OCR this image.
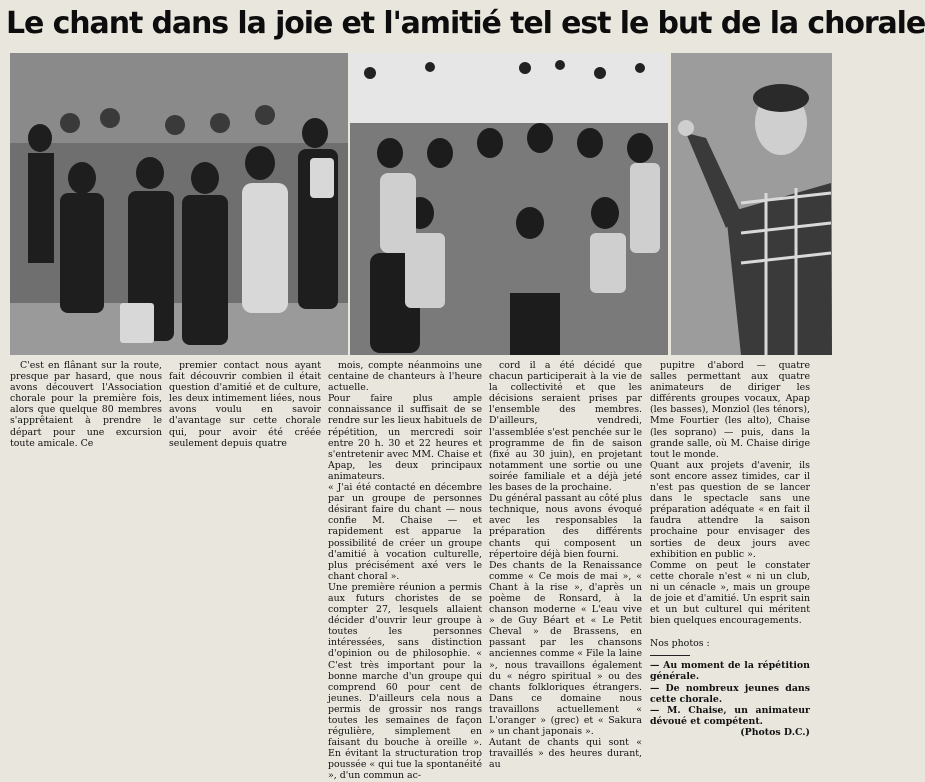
Le chant dans la joie et l'amitié tel est le but de la chorale

C'est en flânant sur la route, presque par hasard, que nous avons découvert l'Association chorale pour la première fois, alors que quelque 80 membres s'apprêtaient à prendre le départ pour une excursion toute amicale. Ce

premier contact nous ayant fait découvrir combien il était question d'amitié et de culture, les deux intimement liées, nous avons voulu en savoir d'avantage sur cette chorale qui, pour avoir été créée seulement depuis quatre

mois, compte néanmoins une centaine de chanteurs à l'heure actuelle.
Pour faire plus ample connaissance il suffisait de se rendre sur les lieux habituels de répétition, un mercredi soir entre 20 h. 30 et 22 heures et s'entretenir avec MM. Chaise et Apap, les deux principaux animateurs.
« J'ai été contacté en décembre par un groupe de personnes désirant faire du chant — nous confie M. Chaise — et rapidement est apparue la possibilité de créer un groupe d'amitié à vocation culturelle, plus précisément axé vers le chant choral ».
Une première réunion a permis aux futurs choristes de se compter 27, lesquels allaient décider d'ouvrir leur groupe à toutes les personnes intéressées, sans distinction d'opinion ou de philosophie. « C'est très important pour la bonne marche d'un groupe qui comprend 60 pour cent de jeunes. D'ailleurs cela nous a permis de grossir nos rangs toutes les semaines de façon régulière, simplement en faisant du bouche à oreille ». En évitant la structuration trop poussée « qui tue la spontanéité », d'un commun ac-

cord il a été décidé que chacun participerait à la vie de la collectivité et que les décisions seraient prises par l'ensemble des membres. D'ailleurs, vendredi, l'assemblée s'est penchée sur le programme de fin de saison (fixé au 30 juin), en projetant notamment une sortie ou une soirée familiale et a déjà jeté les bases de la prochaine.
Du général passant au côté plus technique, nous avons évoqué avec les responsables la préparation des différents chants qui composent un répertoire déjà bien fourni.
Des chants de la Renaissance comme « Ce mois de mai », « Chant à la rise », d'après un poème de Ronsard, à la chanson moderne « L'eau vive » de Guy Béart et « Le Petit Cheval » de Brassens, en passant par les chansons anciennes comme « File la laine », nous travaillons également du « négro spiritual » ou des chants folkloriques étrangers. Dans ce domaine nous travaillons actuellement « L'oranger » (grec) et « Sakura » un chant japonais ».
Autant de chants qui sont « travaillés » des heures durant, au

pupitre d'abord — quatre salles permettant aux quatre animateurs de diriger les différents groupes vocaux, Apap (les basses), Monziol (les ténors), Mme Fourtier (les alto), Chaise (les soprano) — puis, dans la grande salle, où M. Chaise dirige tout le monde.
Quant aux projets d'avenir, ils sont encore assez timides, car il n'est pas question de se lancer dans le spectacle sans une préparation adéquate « en fait il faudra attendre la saison prochaine pour envisager des sorties de deux jours avec exhibition en public ».
Comme on peut le constater cette chorale n'est « ni un club, ni un cénacle », mais un groupe de joie et d'amitié. Un esprit sain et un but culturel qui méritent bien quelques encouragements.

Nos photos :

— Au moment de la répétition générale.

— De nombreux jeunes dans cette chorale.

— M. Chaise, un animateur dévoué et compétent.

(Photos D.C.)
